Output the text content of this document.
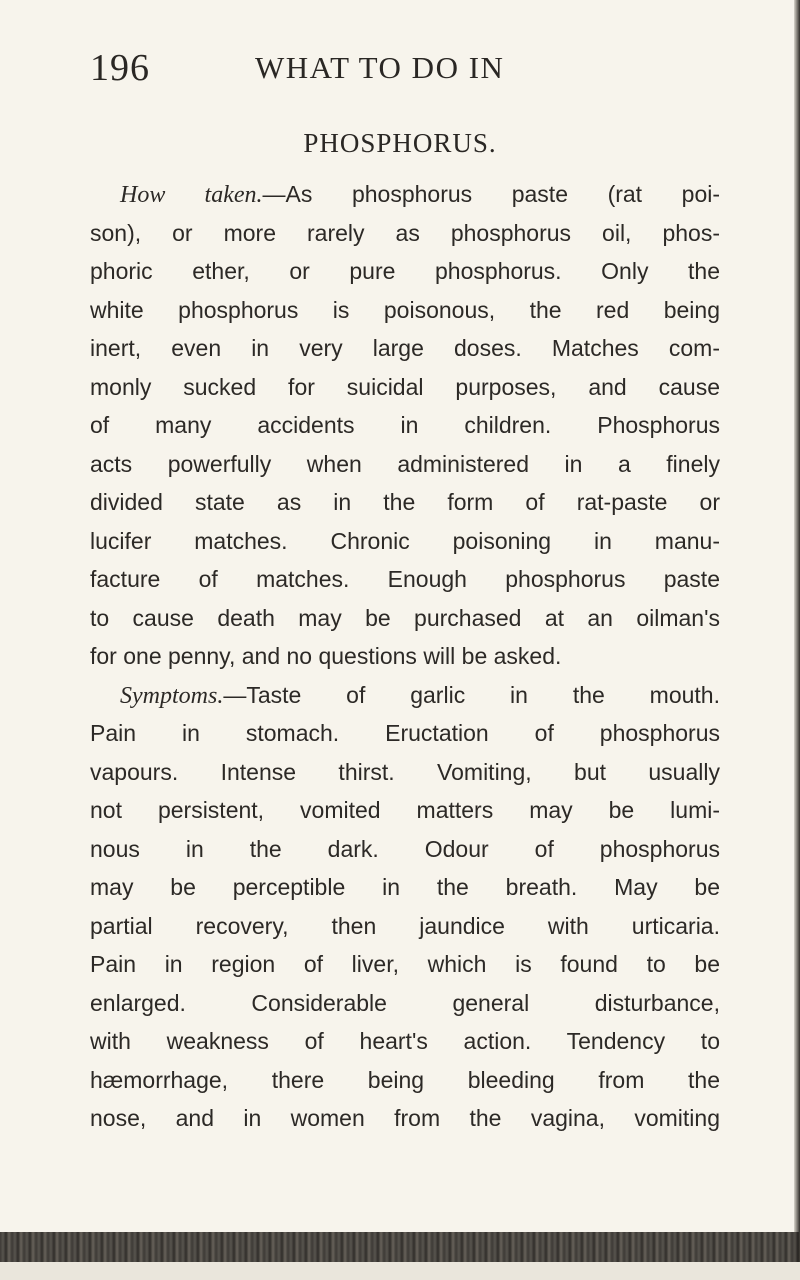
196	WHAT TO DO IN
PHOSPHORUS.
How taken.—As phosphorus paste (rat poi-
son), or more rarely as phosphorus oil, phos-
phoric ether, or pure phosphorus. Only the
white phosphorus is poisonous, the red being
inert, even in very large doses. Matches com-
monly sucked for suicidal purposes, and cause
of many accidents in children. Phosphorus
acts powerfully when administered in a finely
divided state as in the form of rat-paste or
lucifer matches. Chronic poisoning in manu-
facture of matches. Enough phosphorus paste
to cause death may be purchased at an oilman's
for one penny, and no questions will be asked.
Symptoms.—Taste of garlic in the mouth.
Pain in stomach. Eructation of phosphorus
vapours. Intense thirst. Vomiting, but usually
not persistent, vomited matters may be lumi-
nous in the dark. Odour of phosphorus
may be perceptible in the breath. May be
partial recovery, then jaundice with urticaria.
Pain in region of liver, which is found to be
enlarged. Considerable general disturbance,
with weakness of heart's action. Tendency to
hæmorrhage, there being bleeding from the
nose, and in women from the vagina, vomiting
